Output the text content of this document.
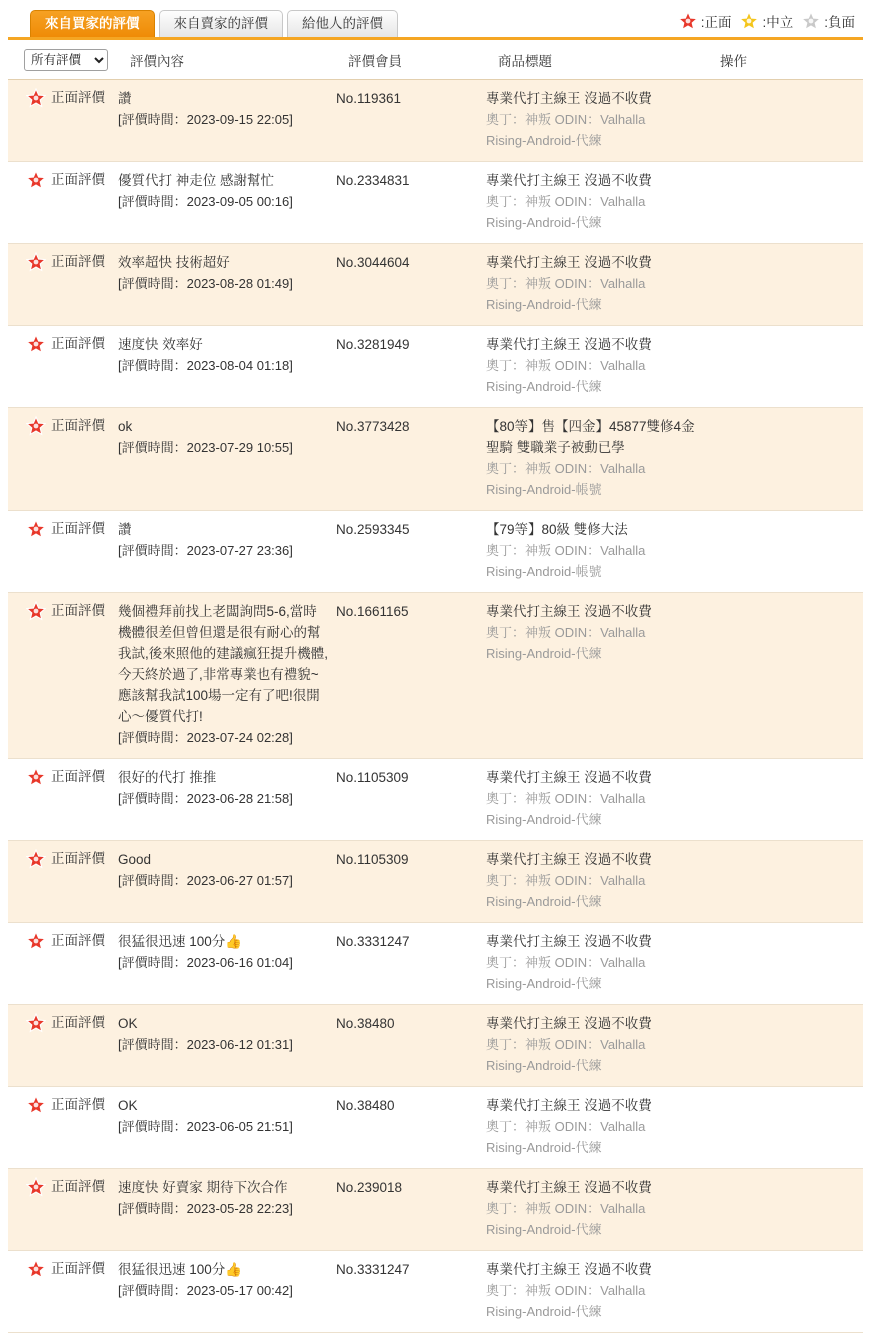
來自買家的評價	來自賣家的評價	給他人的評價	:正面 :中立 :負面
所有評價
評價內容	評價會員	商品標題	操作
正面評價 讚
[評價時間：2023-09-15 22:05]
No.119361	專業代打主線王 沒過不收費
奧丁：神叛 ODIN：Valhalla
Rising-Android-代練
正面評價 優質代打 神走位 感謝幫忙
[評價時間：2023-09-05 00:16]
No.2334831	專業代打主線王 沒過不收費
奧丁：神叛 ODIN：Valhalla
Rising-Android-代練
正面評價 效率超快 技術超好
[評價時間：2023-08-28 01:49]
No.3044604	專業代打主線王 沒過不收費
奧丁：神叛 ODIN：Valhalla
Rising-Android-代練
正面評價 速度快 效率好
[評價時間：2023-08-04 01:18]
No.3281949	專業代打主線王 沒過不收費
奧丁：神叛 ODIN：Valhalla
Rising-Android-代練
正面評價 ok
[評價時間：2023-07-29 10:55]
No.3773428	【80等】售【四金】45877雙修4金聖騎 雙職業子被動已學
奧丁：神叛 ODIN：Valhalla
Rising-Android-帳號
正面評價 讚
[評價時間：2023-07-27 23:36]
No.2593345	【79等】80級 雙修大法
奧丁：神叛 ODIN：Valhalla
Rising-Android-帳號
正面評價 幾個禮拜前找上老闆詢問5-6,當時機體很差但曾但還是很有耐心的幫我試,後來照他的建議瘋狂提升機體,今天終於過了,非常專業也有禮貌~應該幫我試100場一定有了吧!很開心～優質代打!
[評價時間：2023-07-24 02:28]
No.1661165	專業代打主線王 沒過不收費
奧丁：神叛 ODIN：Valhalla
Rising-Android-代練
正面評價 很好的代打 推推
[評價時間：2023-06-28 21:58]
No.1105309	專業代打主線王 沒過不收費
奧丁：神叛 ODIN：Valhalla
Rising-Android-代練
正面評價 Good
[評價時間：2023-06-27 01:57]
No.1105309	專業代打主線王 沒過不收費
奧丁：神叛 ODIN：Valhalla
Rising-Android-代練
正面評價 很猛很迅速 100分👍
[評價時間：2023-06-16 01:04]
No.3331247	專業代打主線王 沒過不收費
奧丁：神叛 ODIN：Valhalla
Rising-Android-代練
正面評價 OK
[評價時間：2023-06-12 01:31]
No.38480	專業代打主線王 沒過不收費
奧丁：神叛 ODIN：Valhalla
Rising-Android-代練
正面評價 OK
[評價時間：2023-06-05 21:51]
No.38480	專業代打主線王 沒過不收費
奧丁：神叛 ODIN：Valhalla
Rising-Android-代練
正面評價 速度快 好賣家 期待下次合作
[評價時間：2023-05-28 22:23]
No.239018	專業代打主線王 沒過不收費
奧丁：神叛 ODIN：Valhalla
Rising-Android-代練
正面評價 很猛很迅速 100分👍
[評價時間：2023-05-17 00:42]
No.3331247	專業代打主線王 沒過不收費
奧丁：神叛 ODIN：Valhalla
Rising-Android-代練
